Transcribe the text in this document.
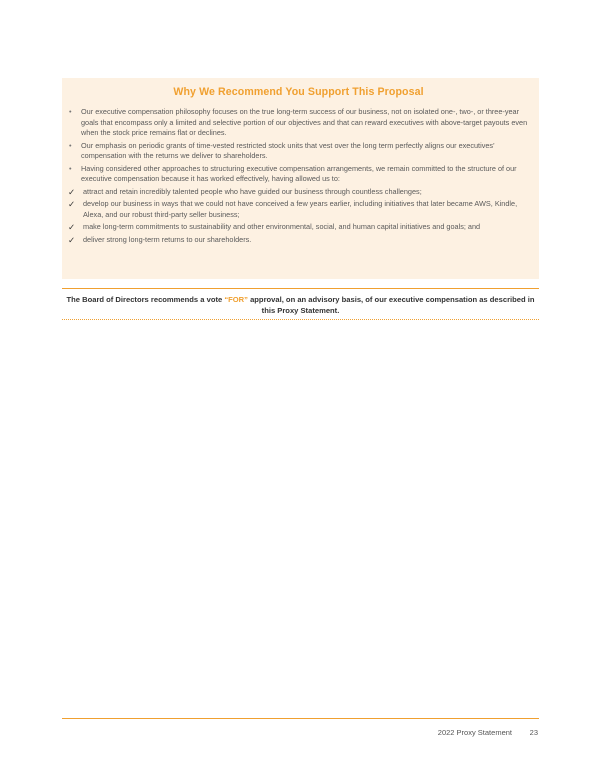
Why We Recommend You Support This Proposal
• Our executive compensation philosophy focuses on the true long-term success of our business, not on isolated one-, two-, or three-year goals that encompass only a limited and selective portion of our objectives and that can reward executives with above-target payouts even when the stock price remains flat or declines.
• Our emphasis on periodic grants of time-vested restricted stock units that vest over the long term perfectly aligns our executives’ compensation with the returns we deliver to shareholders.
• Having considered other approaches to structuring executive compensation arrangements, we remain committed to the structure of our executive compensation because it has worked effectively, having allowed us to:
✓ attract and retain incredibly talented people who have guided our business through countless challenges;
✓ develop our business in ways that we could not have conceived a few years earlier, including initiatives that later became AWS, Kindle, Alexa, and our robust third-party seller business;
✓ make long-term commitments to sustainability and other environmental, social, and human capital initiatives and goals; and
✓ deliver strong long-term returns to our shareholders.
The Board of Directors recommends a vote “FOR” approval, on an advisory basis, of our executive compensation as described in this Proxy Statement.
2022 Proxy Statement 23
